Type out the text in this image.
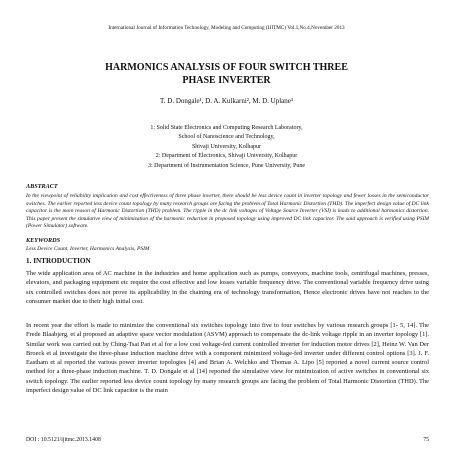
International Journal of Information Technology, Modeling and Computing (IJITMC) Vol.1,No.4,November 2013
HARMONICS ANALYSIS OF FOUR SWITCH THREE
PHASE INVERTER
T. D. Dongale¹, D. A. Kulkarni², M. D. Uplane³
1: Solid State Electronics and Computing Research Laboratory,
School of Nanoscience and Technology,
Shivaji University, Kolhapur
2: Department of Electronics, Shivaji University, Kolhapur
3: Department of Instrumentation Science, Pune University, Pune
ABSTRACT
In the viewpoint of reliability implication and cost effectiveness of three phase inverter, there should be less device count in inverter topology and fewer losses in the semiconductor switches. The earlier reported less device count topology by many research groups are facing the problem of Total Harmonic Distortion (THD). The imperfect design value of DC link capacitor is the main reason of Harmonic Distortion (THD) problem. The ripple in the dc link voltages of Voltage Source Inverter (VSI) is leads to additional harmonics distortion. This paper present the simulative view of minimization of the harmonic reduction in proposed topology using improved DC link capacitor. The said approach is verified using PSIM (Power Simulator) software.
KEYWORDS
Less Device Count, Inverter, Harmonics Analysis, PSIM
1. INTRODUCTION
The wide application area of AC machine in the industries and home application such as pumps, conveyors, machine tools, centrifugal machines, presses, elevators, and packaging equipment etc require the cost effective and low losses variable frequency drive. The conventional variable frequency drive using six controlled switches does not prove its applicability in the chaining era of technology transformation, Hence electronic drives have not reaches to the consumer market due to their high initial cost.
In recent year the effort is made to minimize the conventional six switches topology into five to four switches by various research groups [1- 5, 14]. The Frede Blaabjerg, et al proposed an adaptive space vector modulation (ASVM) approach to compensate the dc-link voltage ripple in an inverter topology [1]. Similar work was carried out by Ching-Tsai Pan et al for a low cost voltage-fed current controlled inverter for induction motor drives [2], Heinz W. Van Der Broeck et al investigate the three-phase induction machine drive with a component minimized voltage-fed inverter under different control options [3]. J. F. Eastham et al reported the various power inverter topologies [4] and Brian A. Welchko and Thomas A. Lipo [5] reported a novel current source control method for a three-phase induction machine. T. D. Dongale et al [14] reported the simulative view for minimization of active switches in conventional six switch topology. The earlier reported less device count topology by many research groups are facing the problem of Total Harmonic Distortion (THD). The imperfect design value of DC link capacitor is the main
DOI : 10.5121/ijitmc.2013.1408	75
